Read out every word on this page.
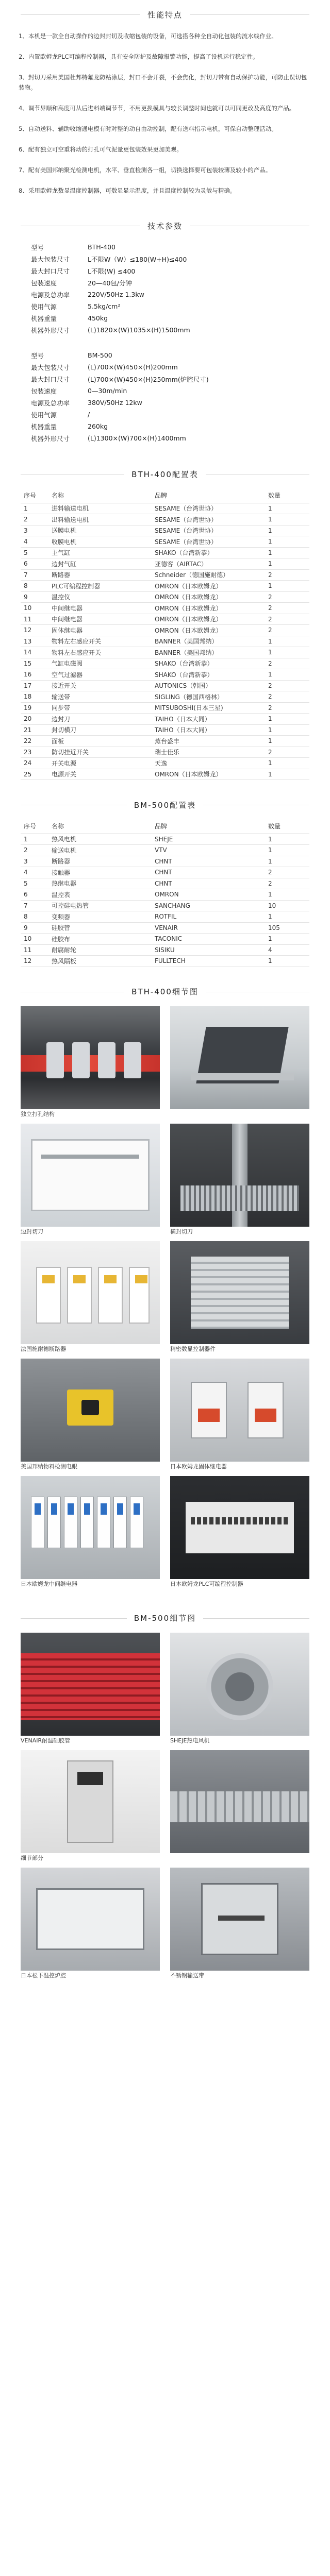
性能特点

1、本机是一款全自动操作的边封封切及收缩包装的设备，可选搭各种全自动化包装的流水线作业。

2、内置欧姆龙PLC可编程控制器，具有安全防护及故障报警功能，提高了设机运行稳定性。

3、封切刀采用美国杜邦特氟龙防粘涂层，封口不会开裂，不会焦化，封切刀带有自动保护功能，可防止误切包装物。

4、调节界顺和高度可从后进料端调节节，不用更换模具与较长调整时间也就可以可同更改及高度的产品。

5、自动送料、辅助收缩通电模有时对整的动自由动控制，配有送料指示电机，可保自动整理活动。

6、配有独立可空重将动的打孔可气泥量更包装效果更加美观。

7、配有美国邦纳聚光检测电机，水平、垂直检测各一组，切换选择要可包装较薄及较小的产品。

8、采用欧姆龙数显温度控制器，可数显显示温度，并且温度控制较为灵敏与精确。

技术参数
型号	BTH-400
最大包装尺寸	L不限W（W）≤180(W+H)≤400
最大封口尺寸	L不限(W) ≤400
包装速度	20—40包/分钟
电源及总功率	220V/50Hz 1.3kw
使用气源	5.5kg/cm²
机器重量	450kg
机器外形尺寸	(L)1820×(W)1035×(H)1500mm
型号	BM-500
最大包装尺寸	(L)700×(W)450×(H)200mm
最大封口尺寸	(L)700×(W)450×(H)250mm(炉腔尺寸)
包装速度	0—30m/min
电源及总功率	380V/50Hz 12kw
使用气源	/
机器重量	260kg
机器外形尺寸	(L)1300×(W)700×(H)1400mm
BTH-400配置表
序号	名称	品牌	数量
1	进料输送电机	SESAME（台湾世协）	1
2	出料输送电机	SESAME（台湾世协）	1
3	送膜电机	SESAME（台湾世协）	1
4	收膜电机	SESAME（台湾世协）	1
5	主气缸	SHAKO（台湾新恭）	1
6	边封气缸	亚德客（AIRTAC）	1
7	断路器	Schneider（德国施耐德）	2
8	PLC可编程控制器	OMRON（日本欧姆龙）	1
9	温控仪	OMRON（日本欧姆龙）	2
10	中间继电器	OMRON（日本欧姆龙）	2
11	中间继电器	OMRON（日本欧姆龙）	2
12	固体继电器	OMRON（日本欧姆龙）	2
13	物料左右感应开关	BANNER（美国邦纳）	1
14	物料左右感应开关	BANNER（美国邦纳）	1
15	气缸电磁阀	SHAKO（台湾新恭）	2
16	空气过滤器	SHAKO（台湾新恭）	1
17	接近开关	AUTONICS（韩国）	2
18	输送带	SIGLING（德国西格林）	2
19	同步带	MITSUBOSHI(日本三星)	2
20	边封刀	TAIHO（日本大同）	1
21	封切横刀	TAIHO（日本大同）	1
22	面板	蒸台盛丰	1
23	防切挂近开关	瑞士佳乐	2
24	开关电源	天逸	1
25	电源开关	OMRON（日本欧姆龙）	1
BM-500配置表
序号	名称	品牌	数量
1	热风电机	SHEJE	1
2	输送电机	VTV	1
3	断路器	CHNT	1
4	接触器	CHNT	2
5	热继电器	CHNT	2
6	温控表	OMRON	1
7	可控硅电热管	SANCHANG	10
8	变频器	ROTFIL	1
9	硅胶管	VENAIR	105
10	硅胶布	TACONIC	1
11	耐腐耐轮	SISIKU	4
12	热风隔板	FULLTECH	1
BTH-400细节图
独立打孔结构
边封切刀	横封切刀
法国施耐德断路器	精密数显控制器件
美国邦纳物料检测电眼	日本欧姆龙固体继电器
日本欧姆龙中间继电器	日本欧姆龙PLC可编程控制器
BM-500细节图
VENAIR耐温硅胶管	SHEJE热电风机
细节部分
日本松下温控炉腔	不锈钢输送带
